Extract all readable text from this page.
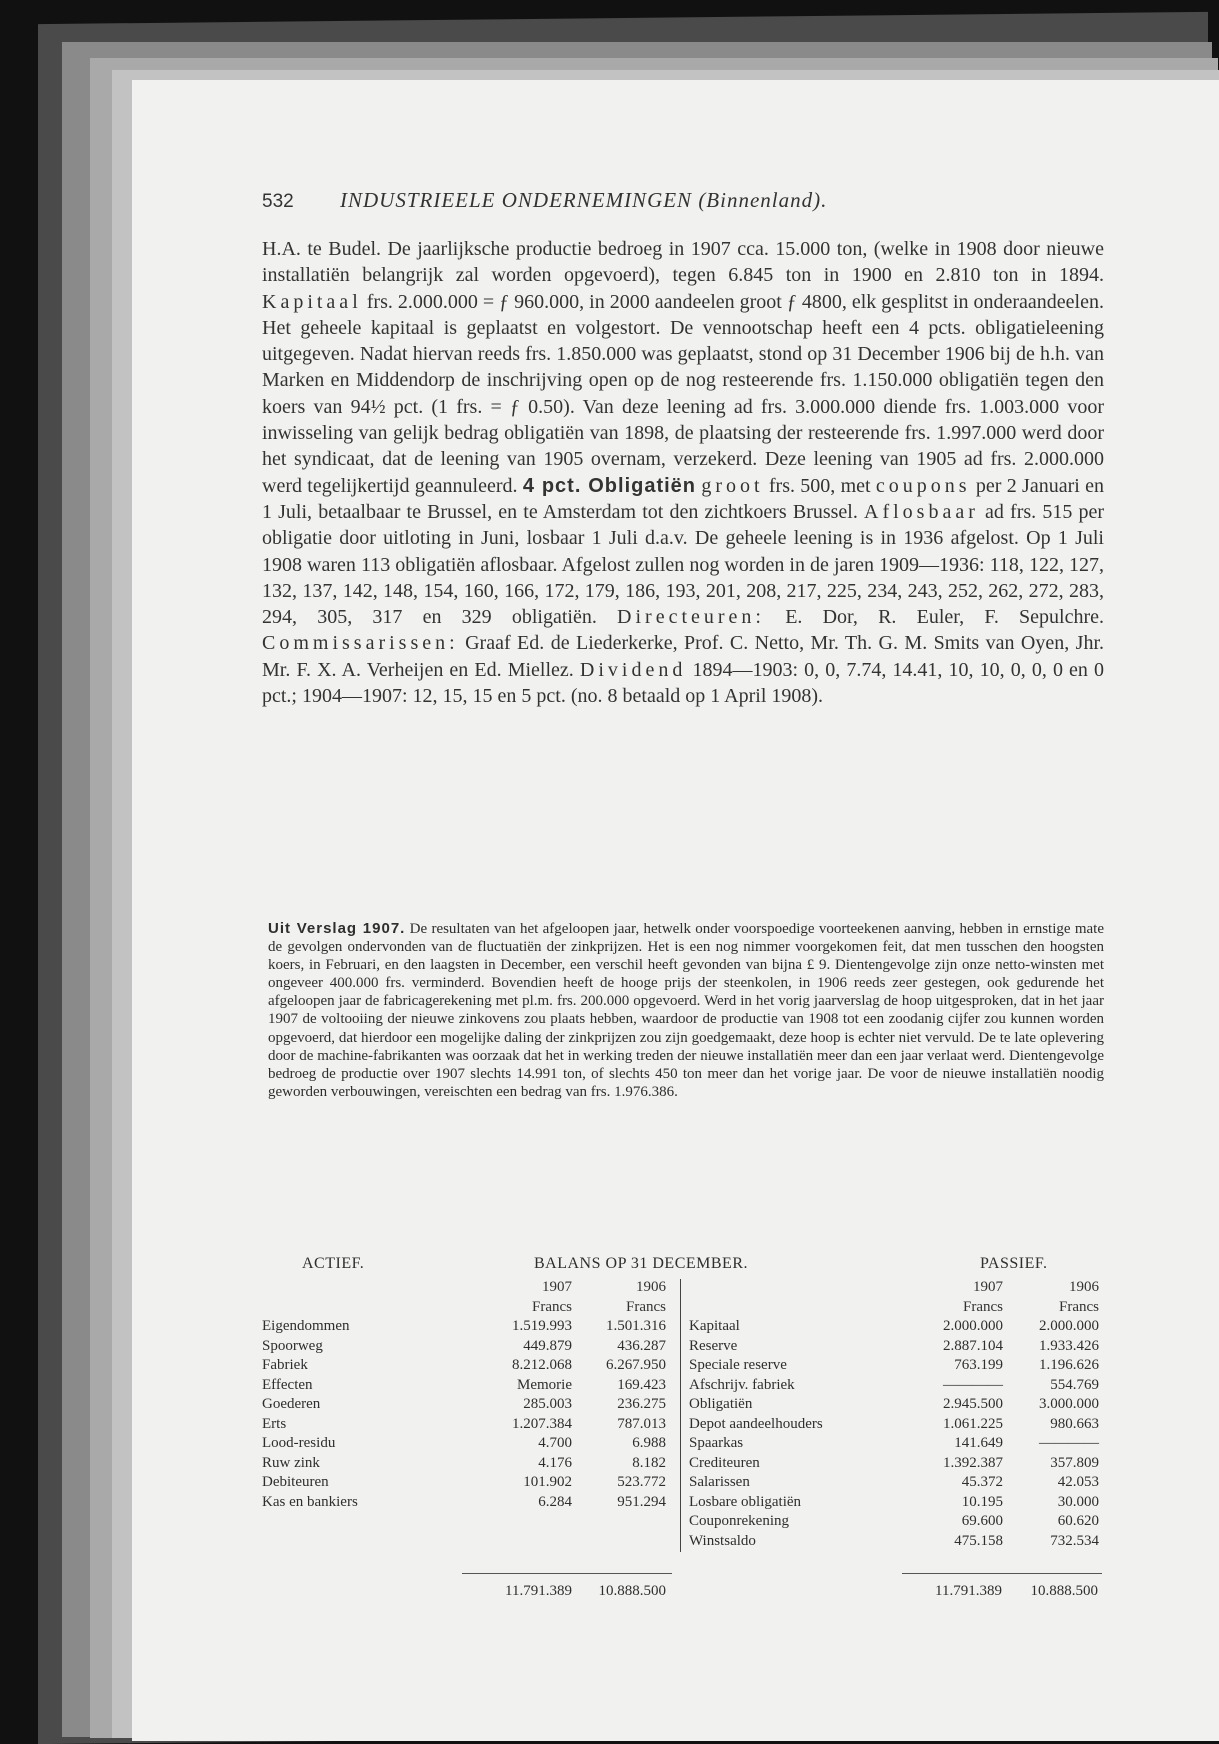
532 INDUSTRIEELE ONDERNEMINGEN (Binnenland).
H.A. te Budel. De jaarlijksche productie bedroeg in 1907 cca. 15.000 ton, (welke in 1908 door nieuwe installatiën belangrijk zal worden opgevoerd), tegen 6.845 ton in 1900 en 2.810 ton in 1894. Kapitaal frs. 2.000.000 = ƒ 960.000, in 2000 aandeelen groot ƒ 4800, elk gesplitst in onderaandeelen. Het geheele kapitaal is geplaatst en volgestort. De vennootschap heeft een 4 pcts. obligatieleening uitgegeven. Nadat hiervan reeds frs. 1.850.000 was geplaatst, stond op 31 December 1906 bij de h.h. van Marken en Middendorp de inschrijving open op de nog resteerende frs. 1.150.000 obligatiën tegen den koers van 94½ pct. (1 frs. = ƒ 0.50). Van deze leening ad frs. 3.000.000 diende frs. 1.003.000 voor inwisseling van gelijk bedrag obligatiën van 1898, de plaatsing der resteerende frs. 1.997.000 werd door het syndicaat, dat de leening van 1905 overnam, verzekerd. Deze leening van 1905 ad frs. 2.000.000 werd tegelijkertijd geannuleerd. 4 pct. Obligatiën groot frs. 500, met coupons per 2 Januari en 1 Juli, betaalbaar te Brussel, en te Amsterdam tot den zichtkoers Brussel. Aflosbaar ad frs. 515 per obligatie door uitloting in Juni, losbaar 1 Juli d.a.v. De geheele leening is in 1936 afgelost. Op 1 Juli 1908 waren 113 obligatiën aflosbaar. Afgelost zullen nog worden in de jaren 1909—1936: 118, 122, 127, 132, 137, 142, 148, 154, 160, 166, 172, 179, 186, 193, 201, 208, 217, 225, 234, 243, 252, 262, 272, 283, 294, 305, 317 en 329 obligatiën. Directeuren: E. Dor, R. Euler, F. Sepulchre. Commissarissen: Graaf Ed. de Liederkerke, Prof. C. Netto, Mr. Th. G. M. Smits van Oyen, Jhr. Mr. F. X. A. Verheijen en Ed. Miellez. Dividend 1894—1903: 0, 0, 7.74, 14.41, 10, 10, 0, 0, 0 en 0 pct.; 1904—1907: 12, 15, 15 en 5 pct. (no. 8 betaald op 1 April 1908).
Uit Verslag 1907. De resultaten van het afgeloopen jaar, hetwelk onder voorspoedige voorteekenen aanving, hebben in ernstige mate de gevolgen ondervonden van de fluctuatiën der zinkprijzen. Het is een nog nimmer voorgekomen feit, dat men tusschen den hoogsten koers, in Februari, en den laagsten in December, een verschil heeft gevonden van bijna £ 9. Dientengevolge zijn onze netto-winsten met ongeveer 400.000 frs. verminderd. Bovendien heeft de hooge prijs der steenkolen, in 1906 reeds zeer gestegen, ook gedurende het afgeloopen jaar de fabricagerekening met pl.m. frs. 200.000 opgevoerd. Werd in het vorig jaarverslag de hoop uitgesproken, dat in het jaar 1907 de voltooiing der nieuwe zinkovens zou plaats hebben, waardoor de productie van 1908 tot een zoodanig cijfer zou kunnen worden opgevoerd, dat hierdoor een mogelijke daling der zinkprijzen zou zijn goedgemaakt, deze hoop is echter niet vervuld. De te late oplevering door de machine-fabrikanten was oorzaak dat het in werking treden der nieuwe installatiën meer dan een jaar verlaat werd. Dientengevolge bedroeg de productie over 1907 slechts 14.991 ton, of slechts 450 ton meer dan het vorige jaar. De voor de nieuwe installatiën noodig geworden verbouwingen, vereischten een bedrag van frs. 1.976.386.
ACTIEF.	BALANS OP 31 DECEMBER.	PASSIEF.
1907	1906
Francs	Francs
Eigendommen	1.519.993	1.501.316
Spoorweg	449.879	436.287
Fabriek	8.212.068	6.267.950
Effecten	Memorie	169.423
Goederen	285.003	236.275
Erts	1.207.384	787.013
Lood-residu	4.700	6.988
Ruw zink	4.176	8.182
Debiteuren	101.902	523.772
Kas en bankiers	6.284	951.294
1907	1906
Francs	Francs
Kapitaal	2.000.000	2.000.000
Reserve	2.887.104	1.933.426
Speciale reserve	763.199	1.196.626
Afschrijv. fabriek	————	554.769
Obligatiën	2.945.500	3.000.000
Depot aandeelhouders	1.061.225	980.663
Spaarkas	141.649	————
Crediteuren	1.392.387	357.809
Salarissen	45.372	42.053
Losbare obligatiën	10.195	30.000
Couponrekening	69.600	60.620
Winstsaldo	475.158	732.534
11.791.389	10.888.500	11.791.389	10.888.500
